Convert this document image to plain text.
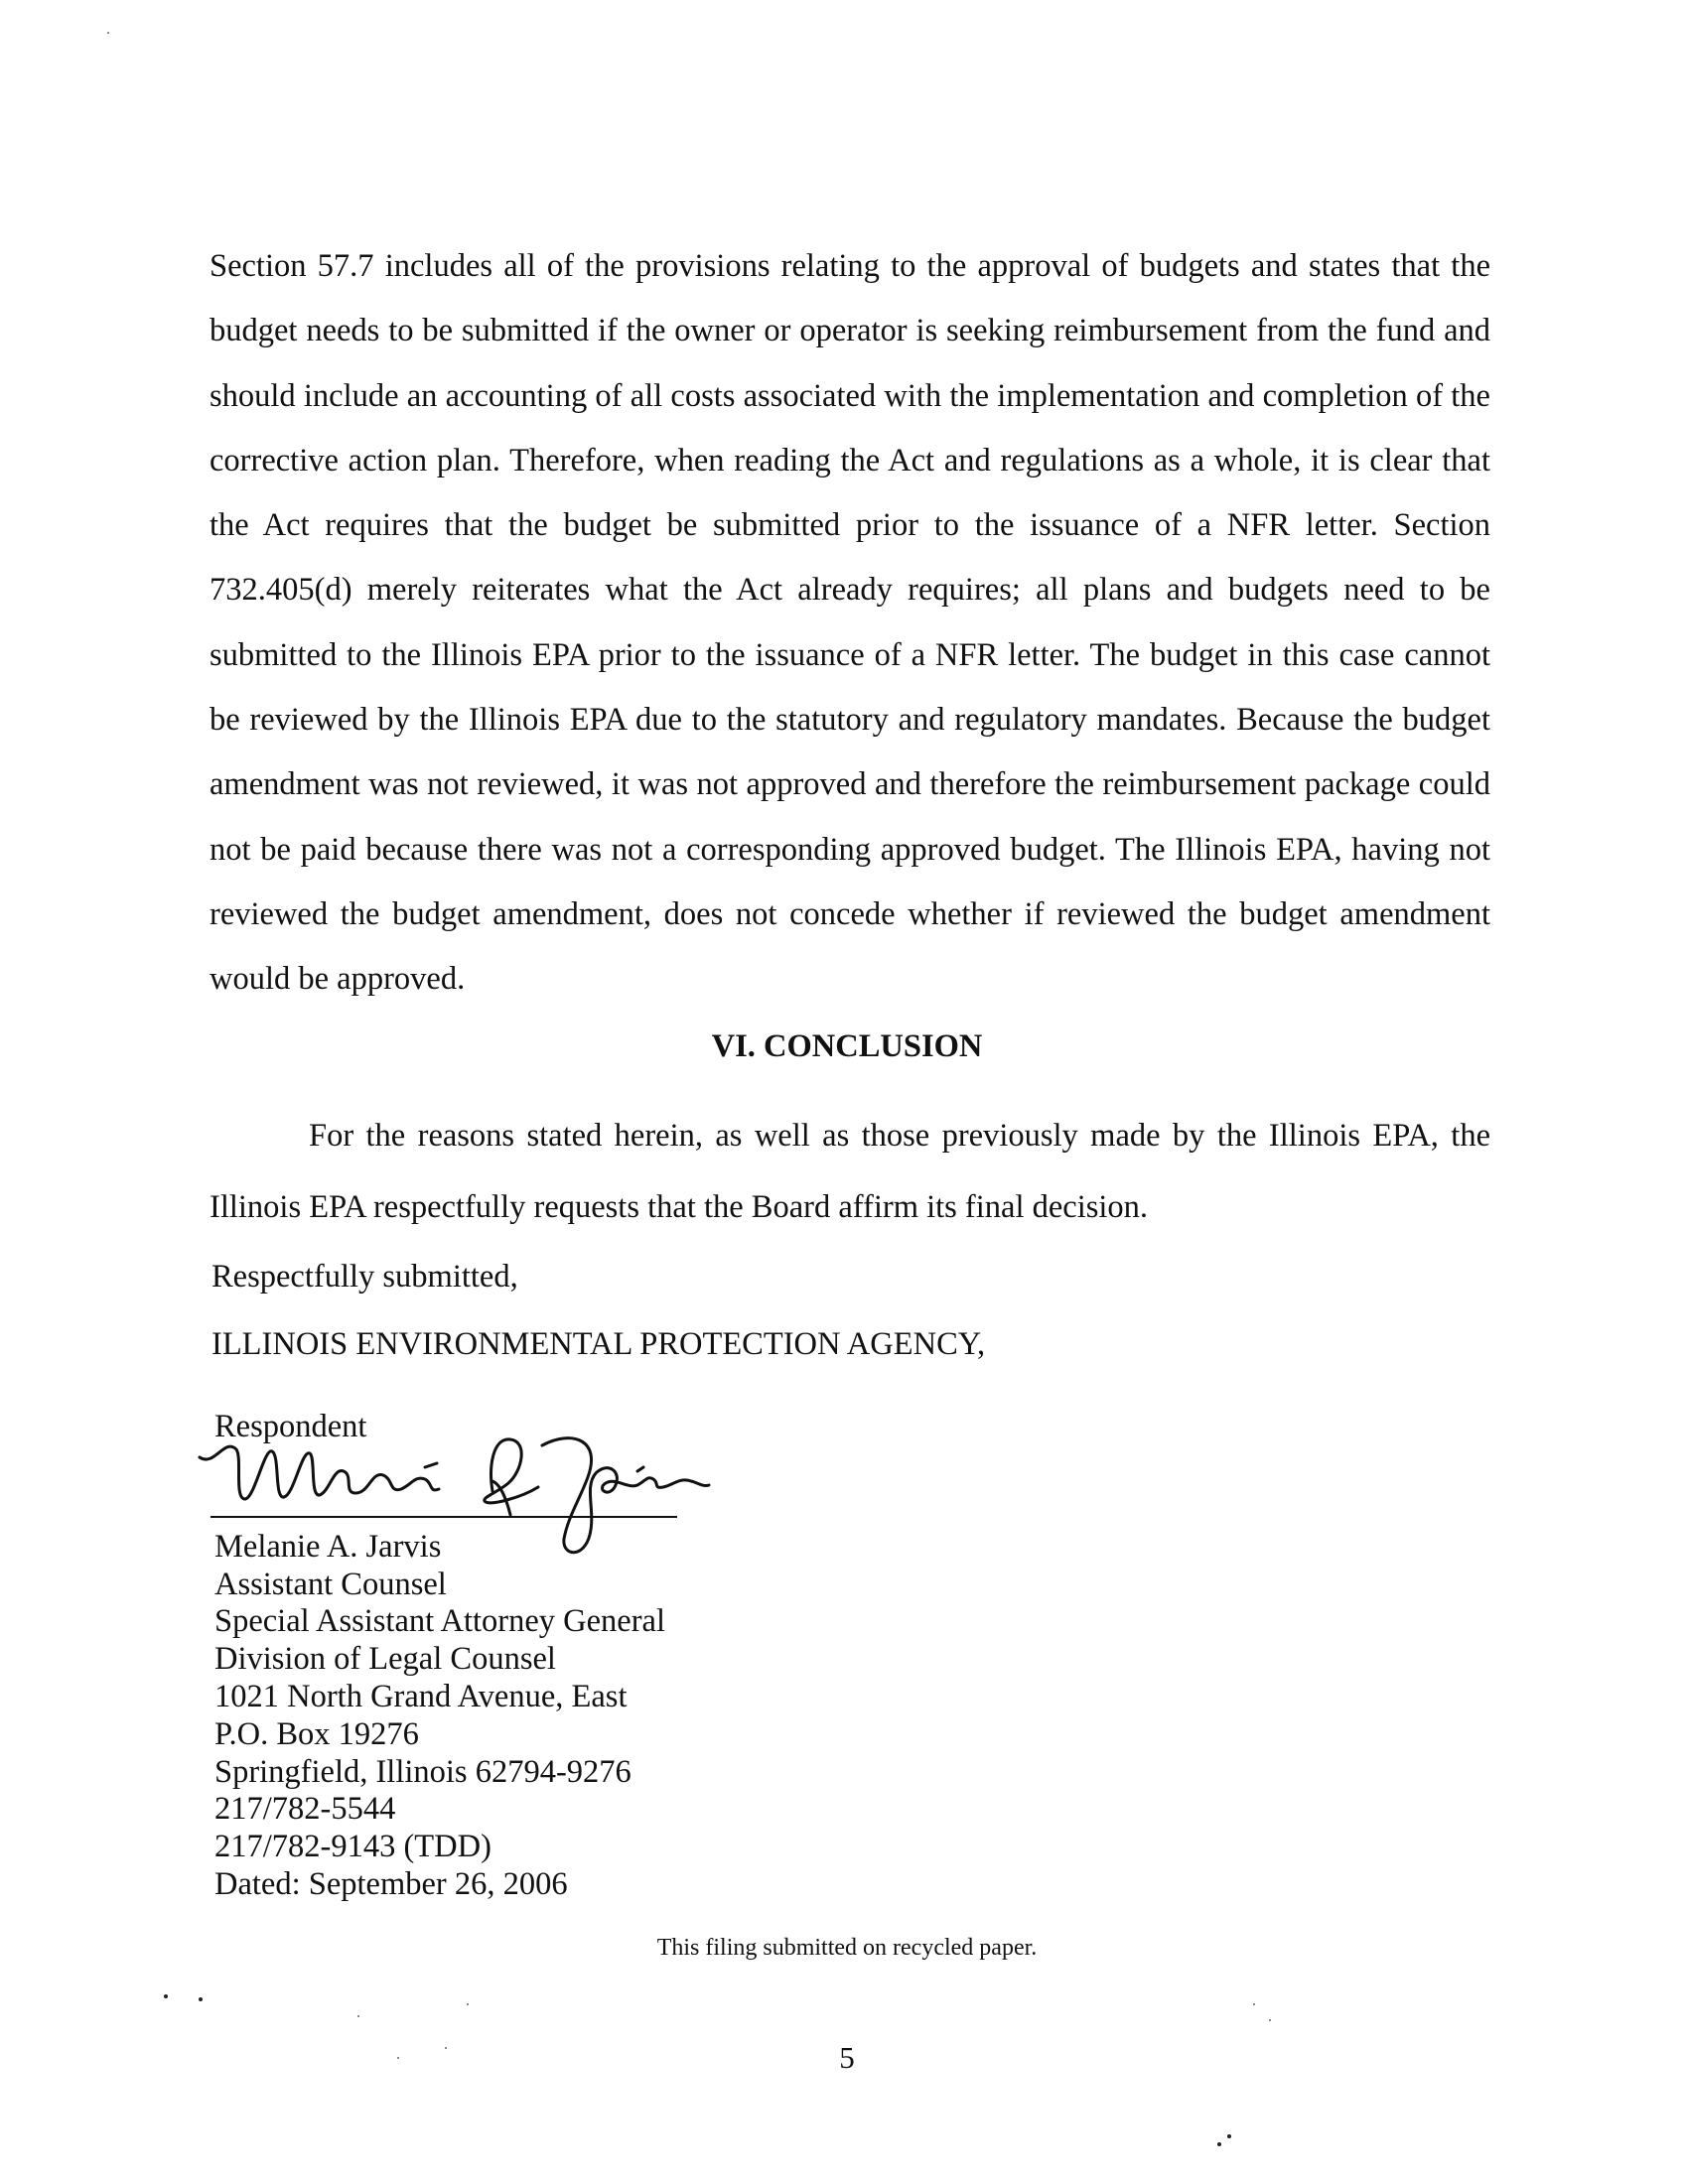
Section 57.7 includes all of the provisions relating to the approval of budgets and states that the budget needs to be submitted if the owner or operator is seeking reimbursement from the fund and should include an accounting of all costs associated with the implementation and completion of the corrective action plan. Therefore, when reading the Act and regulations as a whole, it is clear that the Act requires that the budget be submitted prior to the issuance of a NFR letter. Section 732.405(d) merely reiterates what the Act already requires; all plans and budgets need to be submitted to the Illinois EPA prior to the issuance of a NFR letter. The budget in this case cannot be reviewed by the Illinois EPA due to the statutory and regulatory mandates. Because the budget amendment was not reviewed, it was not approved and therefore the reimbursement package could not be paid because there was not a corresponding approved budget. The Illinois EPA, having not reviewed the budget amendment, does not concede whether if reviewed the budget amendment would be approved.

VI. CONCLUSION

For the reasons stated herein, as well as those previously made by the Illinois EPA, the Illinois EPA respectfully requests that the Board affirm its final decision.

Respectfully submitted,

ILLINOIS ENVIRONMENTAL PROTECTION AGENCY,

Respondent
Melanie A. Jarvis
Assistant Counsel
Special Assistant Attorney General
Division of Legal Counsel
1021 North Grand Avenue, East
P.O. Box 19276
Springfield, Illinois 62794-9276
217/782-5544
217/782-9143 (TDD)
Dated: September 26, 2006

This filing submitted on recycled paper.

5
